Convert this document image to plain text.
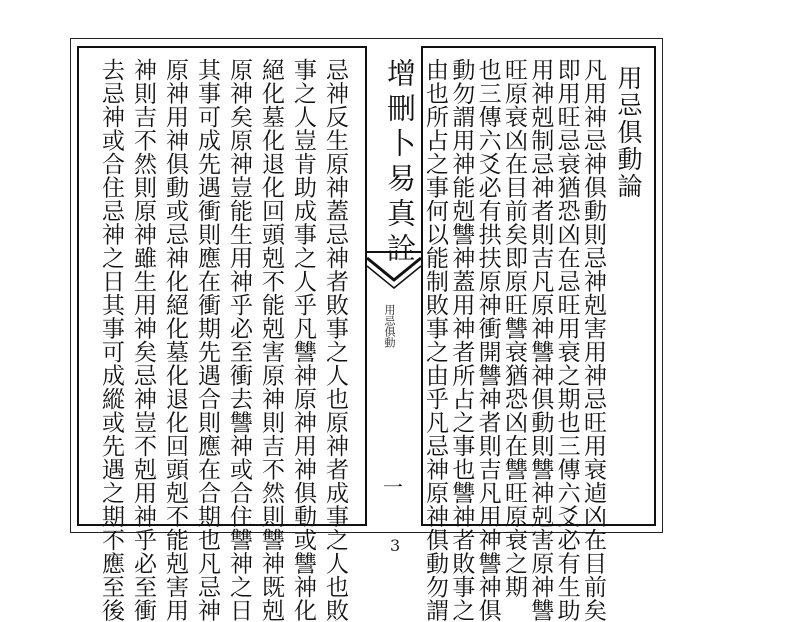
用忌俱動論
凡用神忌神俱動則忌神剋害用神忌旺用衰逌凶在目前矣
即用旺忌衰猶恐凶在忌旺用衰之期也三傳六爻必有生助
用神剋制忌神者則吉凡原神讐神俱動則讐神剋害原神讐
旺原衰凶在目前矣即原旺讐衰猶恐凶在讐旺原衰之期
也三傳六爻必有拱扶原神衝開讐神者則吉凡用神讐神俱
動勿謂用神能剋讐神蓋用神者所占之事也讐神者敗事之
增刪卜易真詮
用忌俱動
一
忌神反生原神蓋忌神者敗事之人也原神者成事之人也敗
事之人豈肯助成事之人乎凡讐神原神用神俱動或讐神化
絕化墓化退化回頭剋不能剋害原神則吉不然則讐神既剋
原神矣原神豈能生用神乎必至衝去讐神或合住讐神之日
其事可成先遇衝則應在衝期先遇合則應在合期也凡忌神
原神用神俱動或忌神化絕化墓化退化回頭剋不能剋害用
神則吉不然則原神雖生用神矣忌神豈不剋用神乎必至衝
去忌神或合住忌神之日其事可成縱或先遇之期不應至後	由也所占之事何以能制敗事之由乎凡忌神原神俱動勿謂
3
